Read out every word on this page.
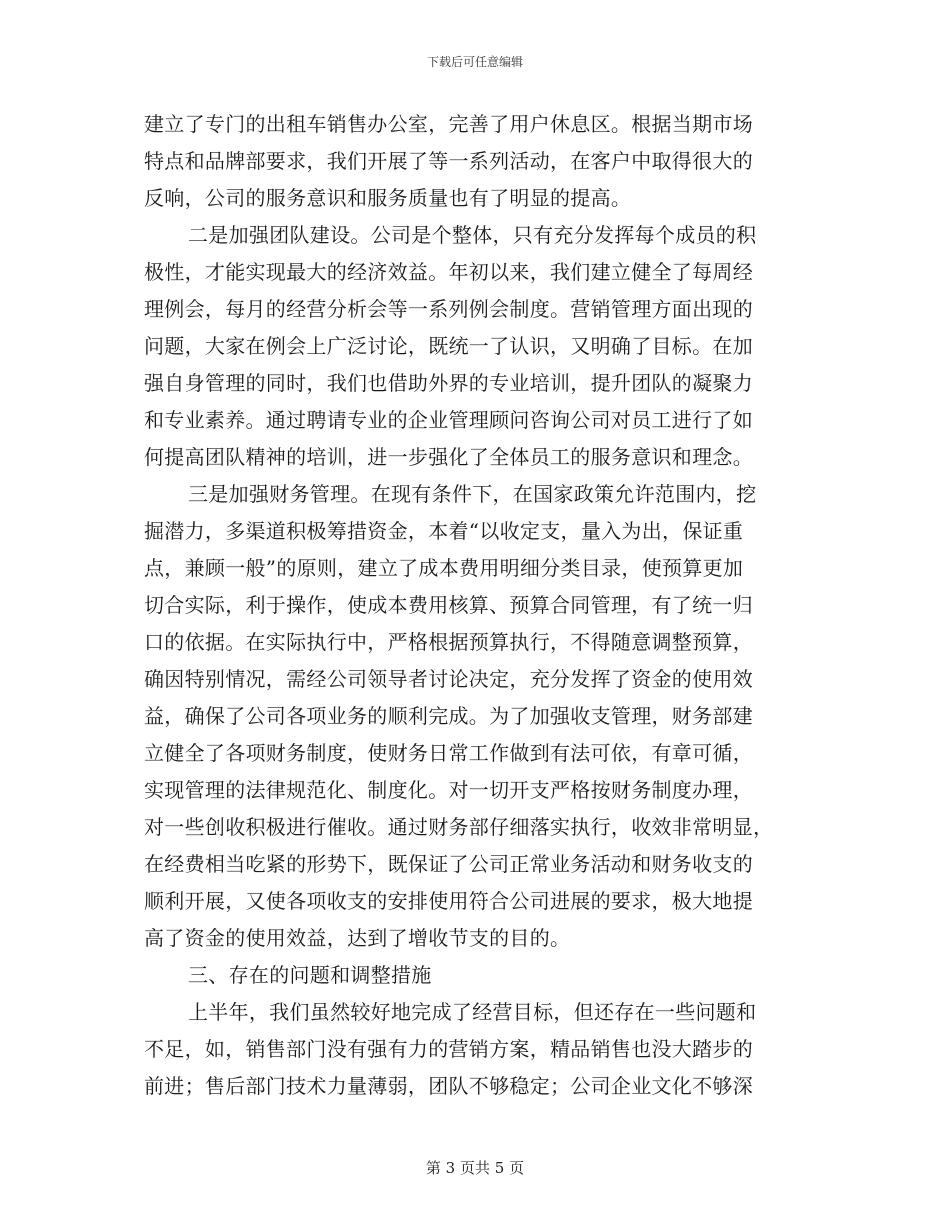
下载后可任意编辑
建立了专门的出租车销售办公室，完善了用户休息区。根据当期市场
特点和品牌部要求，我们开展了等一系列活动，在客户中取得很大的
反响，公司的服务意识和服务质量也有了明显的提高。
二是加强团队建设。公司是个整体，只有充分发挥每个成员的积
极性，才能实现最大的经济效益。年初以来，我们建立健全了每周经
理例会，每月的经营分析会等一系列例会制度。营销管理方面出现的
问题，大家在例会上广泛讨论，既统一了认识，又明确了目标。在加
强自身管理的同时，我们也借助外界的专业培训，提升团队的凝聚力
和专业素养。通过聘请专业的企业管理顾问咨询公司对员工进行了如
何提高团队精神的培训，进一步强化了全体员工的服务意识和理念。
三是加强财务管理。在现有条件下，在国家政策允许范围内，挖
掘潜力，多渠道积极筹措资金，本着“以收定支，量入为出，保证重
点，兼顾一般”的原则，建立了成本费用明细分类目录，使预算更加
切合实际，利于操作，使成本费用核算、预算合同管理，有了统一归
口的依据。在实际执行中，严格根据预算执行，不得随意调整预算，
确因特别情况，需经公司领导者讨论决定，充分发挥了资金的使用效
益，确保了公司各项业务的顺利完成。为了加强收支管理，财务部建
立健全了各项财务制度，使财务日常工作做到有法可依，有章可循，
实现管理的法律规范化、制度化。对一切开支严格按财务制度办理，
对一些创收积极进行催收。通过财务部仔细落实执行，收效非常明显，
在经费相当吃紧的形势下，既保证了公司正常业务活动和财务收支的
顺利开展，又使各项收支的安排使用符合公司进展的要求，极大地提
高了资金的使用效益，达到了增收节支的目的。
三、存在的问题和调整措施
上半年，我们虽然较好地完成了经营目标，但还存在一些问题和
不足，如，销售部门没有强有力的营销方案，精品销售也没大踏步的
前进；售后部门技术力量薄弱，团队不够稳定；公司企业文化不够深
第 3 页共 5 页
